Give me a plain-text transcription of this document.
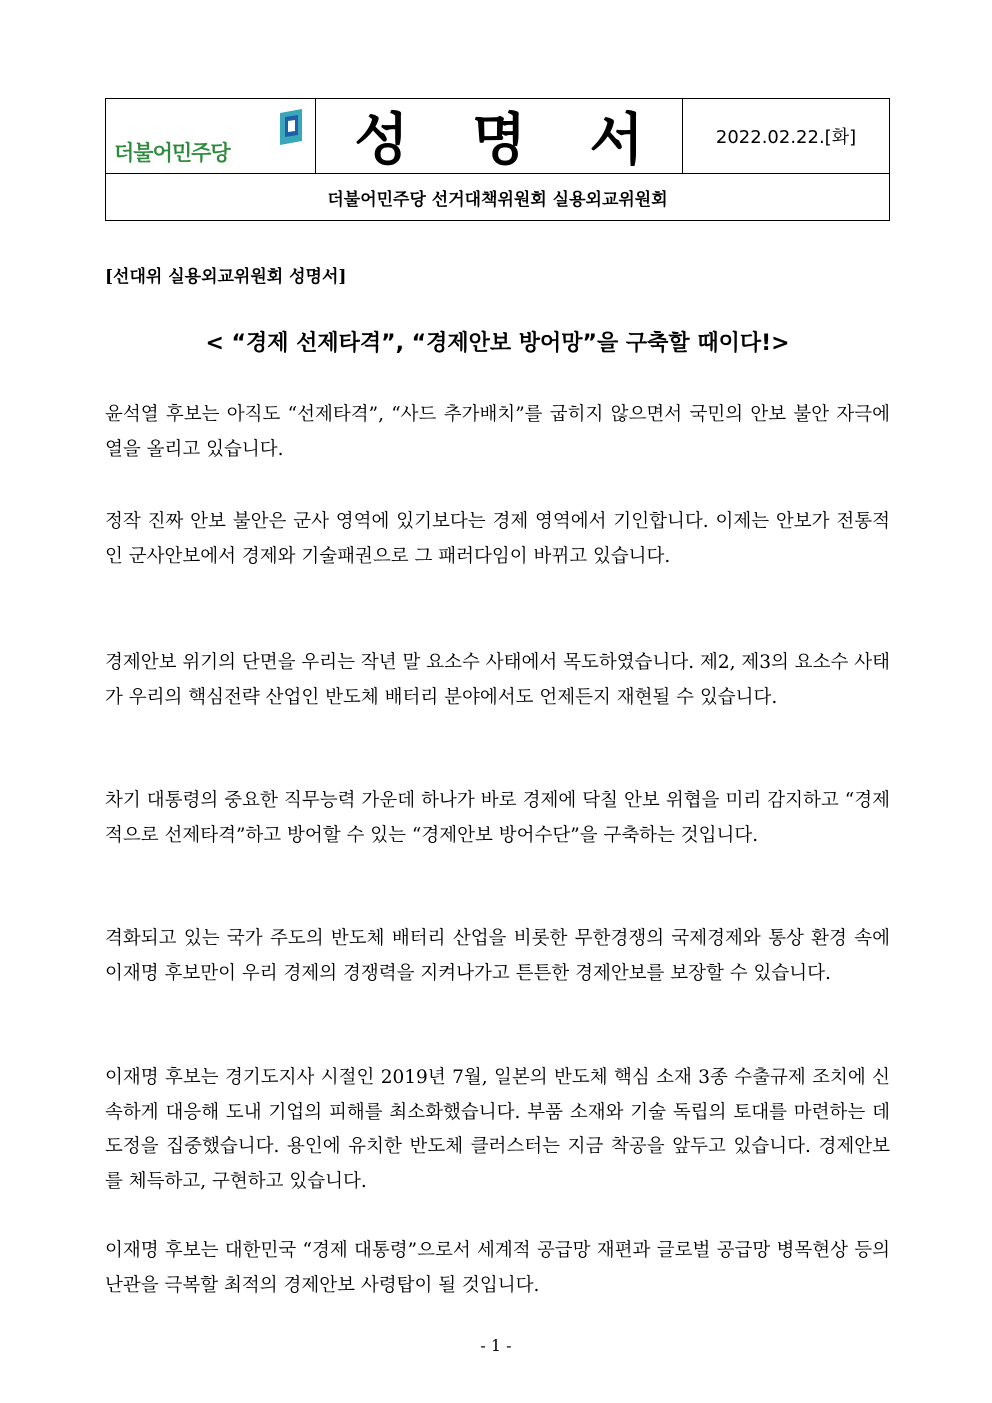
더불어민주당 성 명 서	2022.02.22.[화]
더불어민주당 선거대책위원회 실용외교위원회
[선대위 실용외교위원회 성명서]
< “경제 선제타격”, “경제안보 방어망”을 구축할 때이다!>
윤석열 후보는 아직도 “선제타격”, “사드 추가배치”를 굽히지 않으면서 국민의 안보 불안 자극에 열을 올리고 있습니다.
정작 진짜 안보 불안은 군사 영역에 있기보다는 경제 영역에서 기인합니다. 이제는 안보가 전통적인 군사안보에서 경제와 기술패권으로 그 패러다임이 바뀌고 있습니다.
경제안보 위기의 단면을 우리는 작년 말 요소수 사태에서 목도하였습니다. 제2, 제3의 요소수 사태가 우리의 핵심전략 산업인 반도체 배터리 분야에서도 언제든지 재현될 수 있습니다.
차기 대통령의 중요한 직무능력 가운데 하나가 바로 경제에 닥칠 안보 위협을 미리 감지하고 “경제적으로 선제타격”하고 방어할 수 있는 “경제안보 방어수단”을 구축하는 것입니다.
격화되고 있는 국가 주도의 반도체 배터리 산업을 비롯한 무한경쟁의 국제경제와 통상 환경 속에 이재명 후보만이 우리 경제의 경쟁력을 지켜나가고 튼튼한 경제안보를 보장할 수 있습니다.
이재명 후보는 경기도지사 시절인 2019년 7월, 일본의 반도체 핵심 소재 3종 수출규제 조치에 신속하게 대응해 도내 기업의 피해를 최소화했습니다. 부품 소재와 기술 독립의 토대를 마련하는 데 도정을 집중했습니다. 용인에 유치한 반도체 클러스터는 지금 착공을 앞두고 있습니다. 경제안보를 체득하고, 구현하고 있습니다.
이재명 후보는 대한민국 “경제 대통령”으로서 세계적 공급망 재편과 글로벌 공급망 병목현상 등의 난관을 극복할 최적의 경제안보 사령탑이 될 것입니다.
- 1 -
